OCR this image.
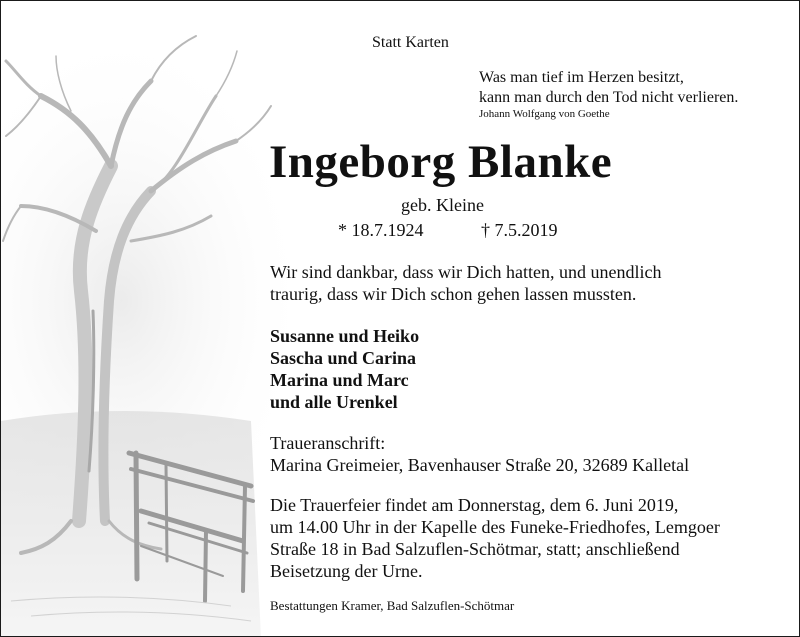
Statt Karten
Was man tief im Herzen besitzt,
kann man durch den Tod nicht verlieren.
Johann Wolfgang von Goethe
Ingeborg Blanke
geb. Kleine
* 18.7.1924	† 7.5.2019
Wir sind dankbar, dass wir Dich hatten, und unendlich
traurig, dass wir Dich schon gehen lassen mussten.
Susanne und Heiko
Sascha und Carina
Marina und Marc
und alle Urenkel
Traueranschrift:
Marina Greimeier, Bavenhauser Straße 20, 32689 Kalletal
Die Trauerfeier findet am Donnerstag, dem 6. Juni 2019,
um 14.00 Uhr in der Kapelle des Funeke-Friedhofes, Lemgoer
Straße 18 in Bad Salzuflen-Schötmar, statt; anschließend
Beisetzung der Urne.
Bestattungen Kramer, Bad Salzuflen-Schötmar
